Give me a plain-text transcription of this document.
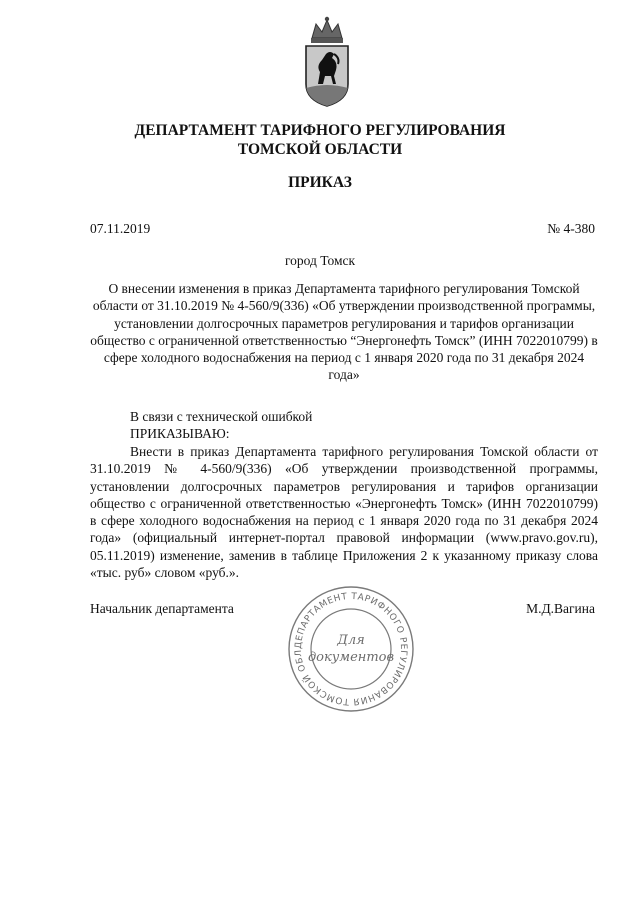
ДЕПАРТАМЕНТ ТАРИФНОГО РЕГУЛИРОВАНИЯ
ТОМСКОЙ ОБЛАСТИ
ПРИКАЗ
07.11.2019	№ 4-380
город Томск
О внесении изменения в приказ Департамента тарифного регулирования Томской области от 31.10.2019 № 4-560/9(336) «Об утверждении производственной программы, установлении долгосрочных параметров регулирования и тарифов организации общество с ограниченной ответственностью “Энергонефть Томск” (ИНН 7022010799) в сфере холодного водоснабжения на период с 1 января 2020 года по 31 декабря 2024 года»
В связи с технической ошибкой
ПРИКАЗЫВАЮ:
Внести в приказ Департамента тарифного регулирования Томской области от 31.10.2019 № 4-560/9(336) «Об утверждении производственной программы, установлении долгосрочных параметров регулирования и тарифов организации общество с ограниченной ответственностью «Энергонефть Томск» (ИНН 7022010799) в сфере холодного водоснабжения на период с 1 января 2020 года по 31 декабря 2024 года» (официальный интернет-портал правовой информации (www.pravo.gov.ru), 05.11.2019) изменение, заменив в таблице Приложения 2 к указанному приказу слова «тыс. руб» словом «руб.».
Начальник департамента	М.Д.Вагина
ДЕПАРТАМЕНТ ТАРИФНОГО РЕГУЛИРОВАНИЯ ТОМСКОЙ ОБЛ
Для
документов
